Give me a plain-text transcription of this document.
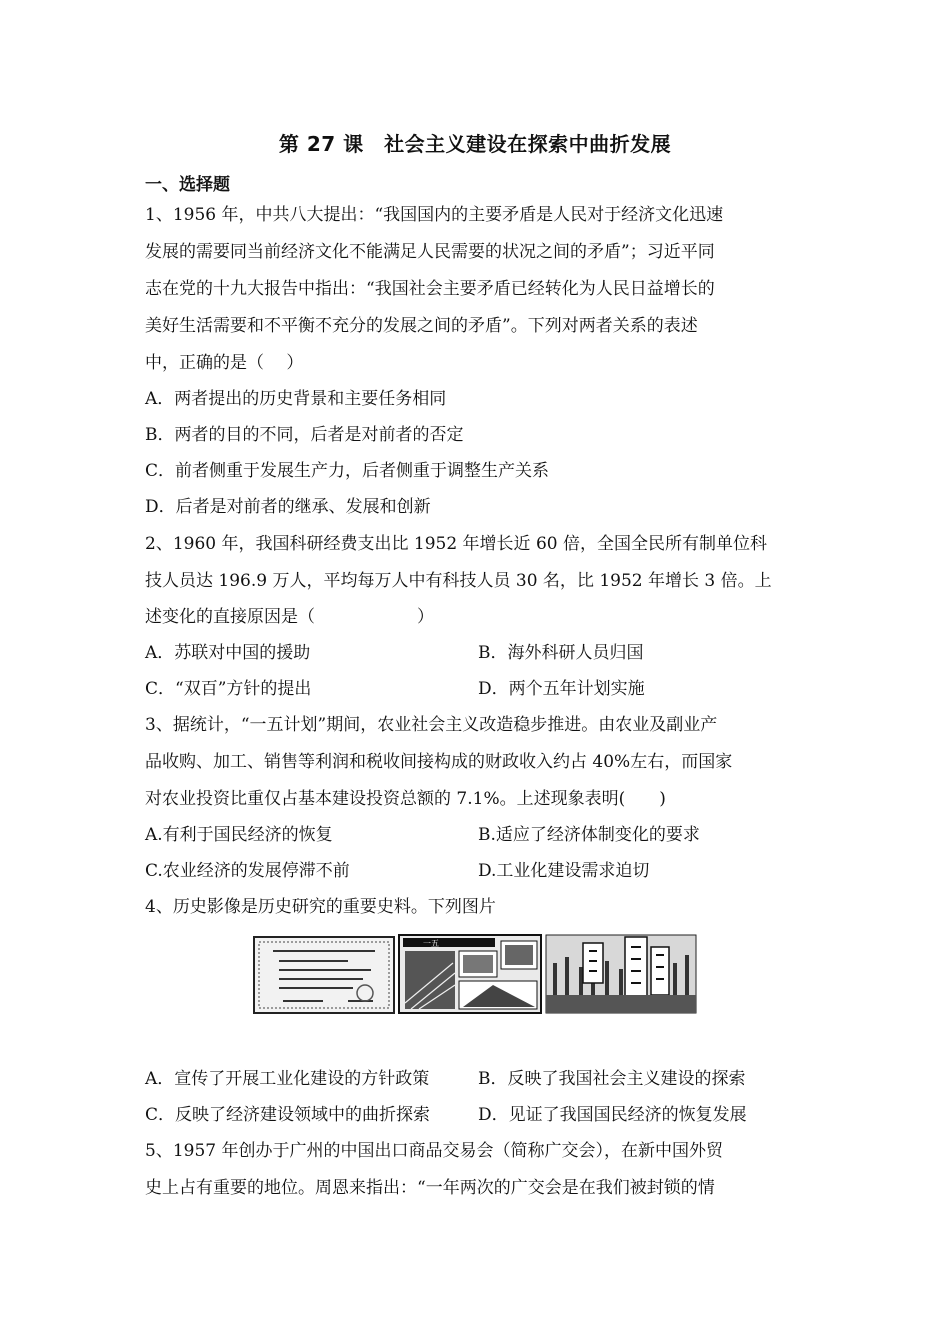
第 27 课　社会主义建设在探索中曲折发展
一、选择题
1、1956 年，中共八大提出：“我国国内的主要矛盾是人民对于经济文化迅速
发展的需要同当前经济文化不能满足人民需要的状况之间的矛盾”；习近平同
志在党的十九大报告中指出：“我国社会主要矛盾已经转化为人民日益增长的
美好生活需要和不平衡不充分的发展之间的矛盾”。下列对两者关系的表述
中，正确的是（　 ）
A．两者提出的历史背景和主要任务相同
B．两者的目的不同，后者是对前者的否定
C．前者侧重于发展生产力，后者侧重于调整生产关系
D．后者是对前者的继承、发展和创新
2、1960 年，我国科研经费支出比 1952 年增长近 60 倍，全国全民所有制单位科
技人员达 196.9 万人，平均每万人中有科技人员 30 名，比 1952 年增长 3 倍。上
述变化的直接原因是（　　　　　　）
A．苏联对中国的援助	B．海外科研人员归国
C．“双百”方针的提出	D．两个五年计划实施
3、据统计，“一五计划”期间，农业社会主义改造稳步推进。由农业及副业产
品收购、加工、销售等利润和税收间接构成的财政收入约占 40%左右，而国家
对农业投资比重仅占基本建设投资总额的 7.1%。上述现象表明(　　)
A.有利于国民经济的恢复	B.适应了经济体制变化的要求
C.农业经济的发展停滞不前	D.工业化建设需求迫切
4、历史影像是历史研究的重要史料。下列图片
一五
A．宣传了开展工业化建设的方针政策	B．反映了我国社会主义建设的探索
C．反映了经济建设领域中的曲折探索	D．见证了我国国民经济的恢复发展
5、1957 年创办于广州的中国出口商品交易会（简称广交会），在新中国外贸
史上占有重要的地位。周恩来指出：“一年两次的广交会是在我们被封锁的情
